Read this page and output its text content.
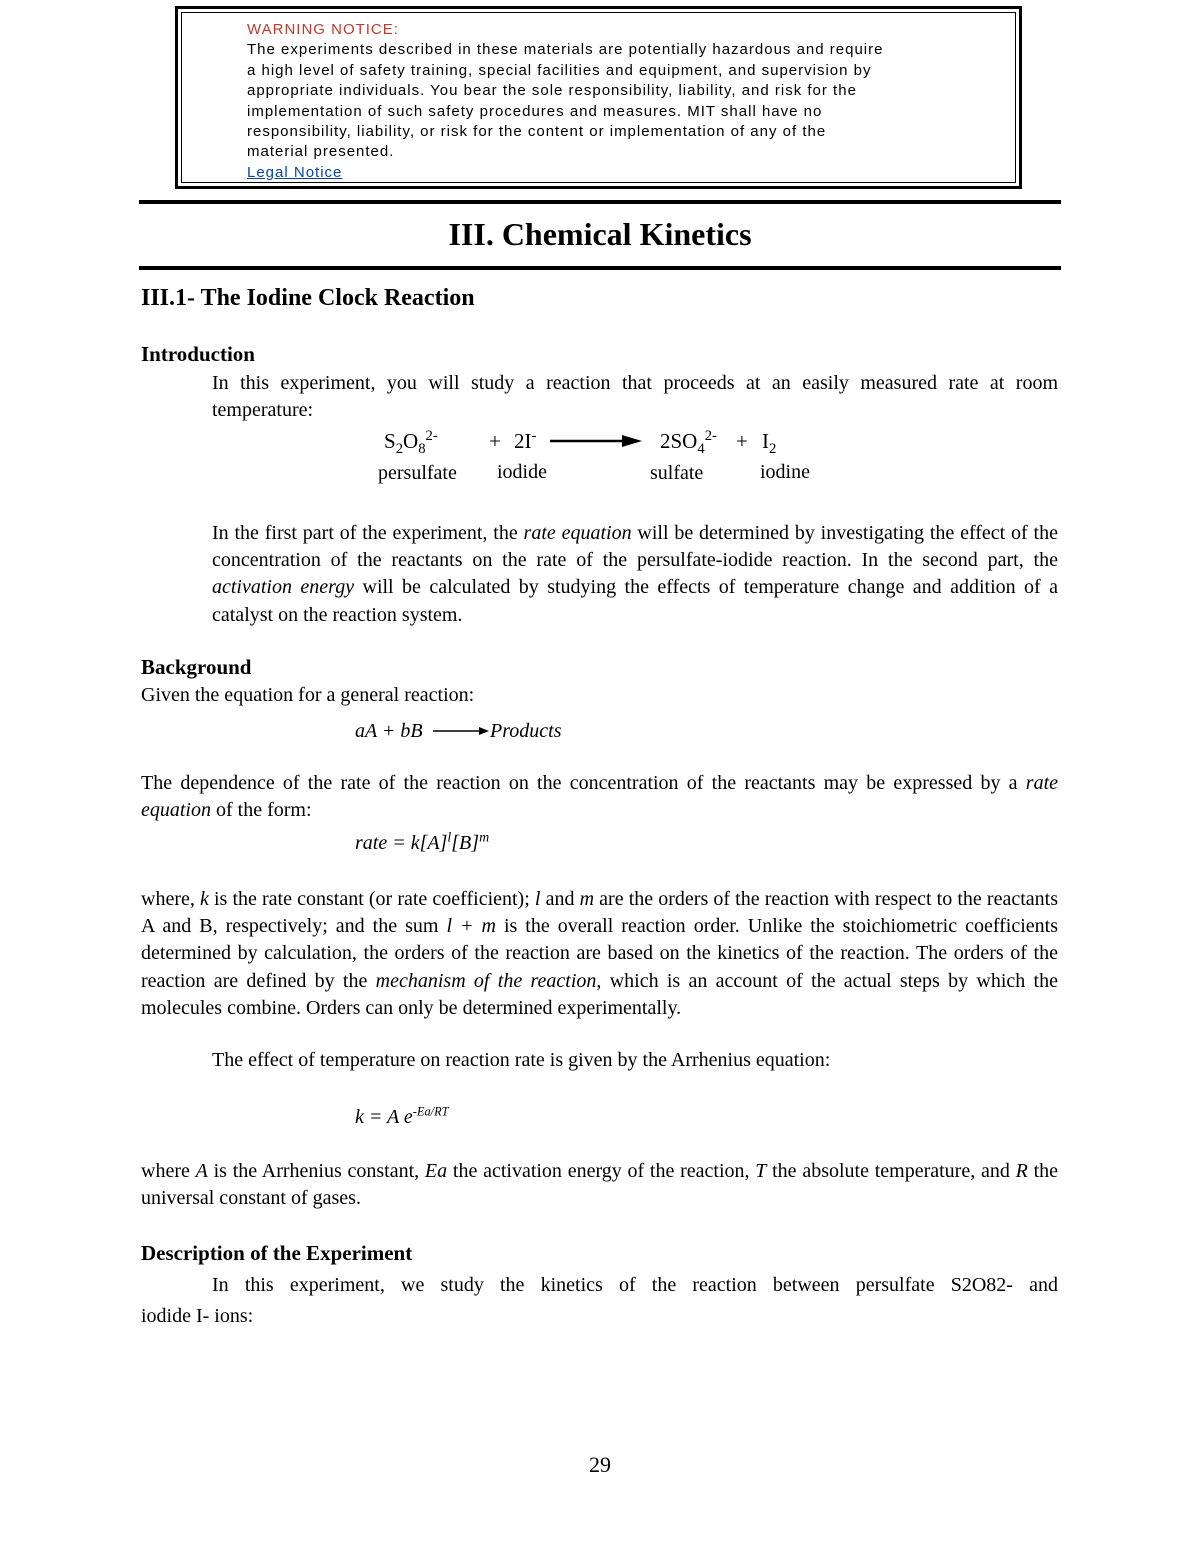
WARNING NOTICE:
The experiments described in these materials are potentially hazardous and require
a high level of safety training, special facilities and equipment, and supervision by
appropriate individuals. You bear the sole responsibility, liability, and risk for the
implementation of such safety procedures and measures. MIT shall have no
responsibility, liability, or risk for the content or implementation of any of the
material presented.
Legal Notice
III. Chemical Kinetics
III.1- The Iodine Clock Reaction
Introduction
In this experiment, you will study a reaction that proceeds at an easily measured rate at room temperature:
$S_2O_8^{2-} + 2I^-$	$2SO_4^{2-} + I_2$
persulfate iodide	sulfate	iodine
In the first part of the experiment, the rate equation will be determined by investigating the effect of the concentration of the reactants on the rate of the persulfate-iodide reaction. In the second part, the activation energy will be calculated by studying the effects of temperature change and addition of a catalyst on the reaction system.
Background
Given the equation for a general reaction:
aA + bB	Products
The dependence of the rate of the reaction on the concentration of the reactants may be expressed by a rate equation of the form:
rate = $k[A]^l[B]^m$
where, k is the rate constant (or rate coefficient); l and m are the orders of the reaction with respect to the reactants A and B, respectively; and the sum l + m is the overall reaction order. Unlike the stoichiometric coefficients determined by calculation, the orders of the reaction are based on the kinetics of the reaction. The orders of the reaction are defined by the mechanism of the reaction, which is an account of the actual steps by which the molecules combine. Orders can only be determined experimentally.
The effect of temperature on reaction rate is given by the Arrhenius equation:
k = A $e^{-Ea/RT}$
where A is the Arrhenius constant, Ea the activation energy of the reaction, T the absolute temperature, and R the universal constant of gases.
Description of the Experiment
In this experiment, we study the kinetics of the reaction between persulfate S2O82- and
iodide I- ions:
29
